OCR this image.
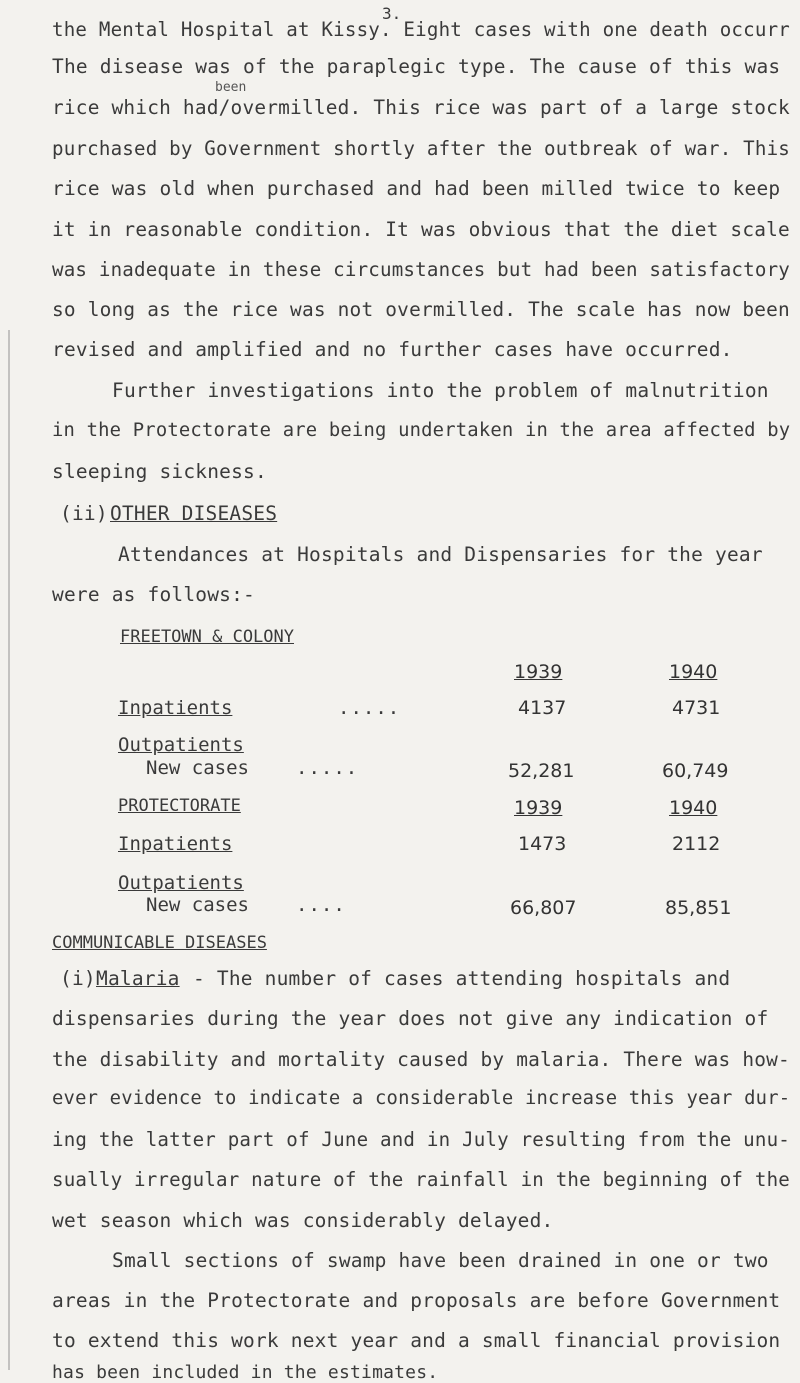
3.
the Mental Hospital at Kissy. Eight cases with one death occurr
been
The disease was of the paraplegic type. The cause of this was
rice which had/overmilled. This rice was part of a large stock
purchased by Government shortly after the outbreak of war. This
rice was old when purchased and had been milled twice to keep
it in reasonable condition. It was obvious that the diet scale
was inadequate in these circumstances but had been satisfactory
so long as the rice was not overmilled. The scale has now been
revised and amplified and no further cases have occurred.
Further investigations into the problem of malnutrition
in the Protectorate are being undertaken in the area affected by
sleeping sickness.
(ii) OTHER DISEASES
Attendances at Hospitals and Dispensaries for the year
were as follows:-
FREETOWN & COLONY
1939	1940
Inpatients	.....	4137	4731
Outpatients
New cases .....	52,281	60,749
PROTECTORATE	1939	1940
Inpatients	1473	2112
Outpatients
New cases ....	66,807	85,851
COMMUNICABLE DISEASES
(i) Malaria - The number of cases attending hospitals and
dispensaries during the year does not give any indication of
the disability and mortality caused by malaria. There was how-
ever evidence to indicate a considerable increase this year dur-
ing the latter part of June and in July resulting from the unu-
sually irregular nature of the rainfall in the beginning of the
wet season which was considerably delayed.
Small sections of swamp have been drained in one or two
areas in the Protectorate and proposals are before Government
to extend this work next year and a small financial provision
has been included in the estimates.
